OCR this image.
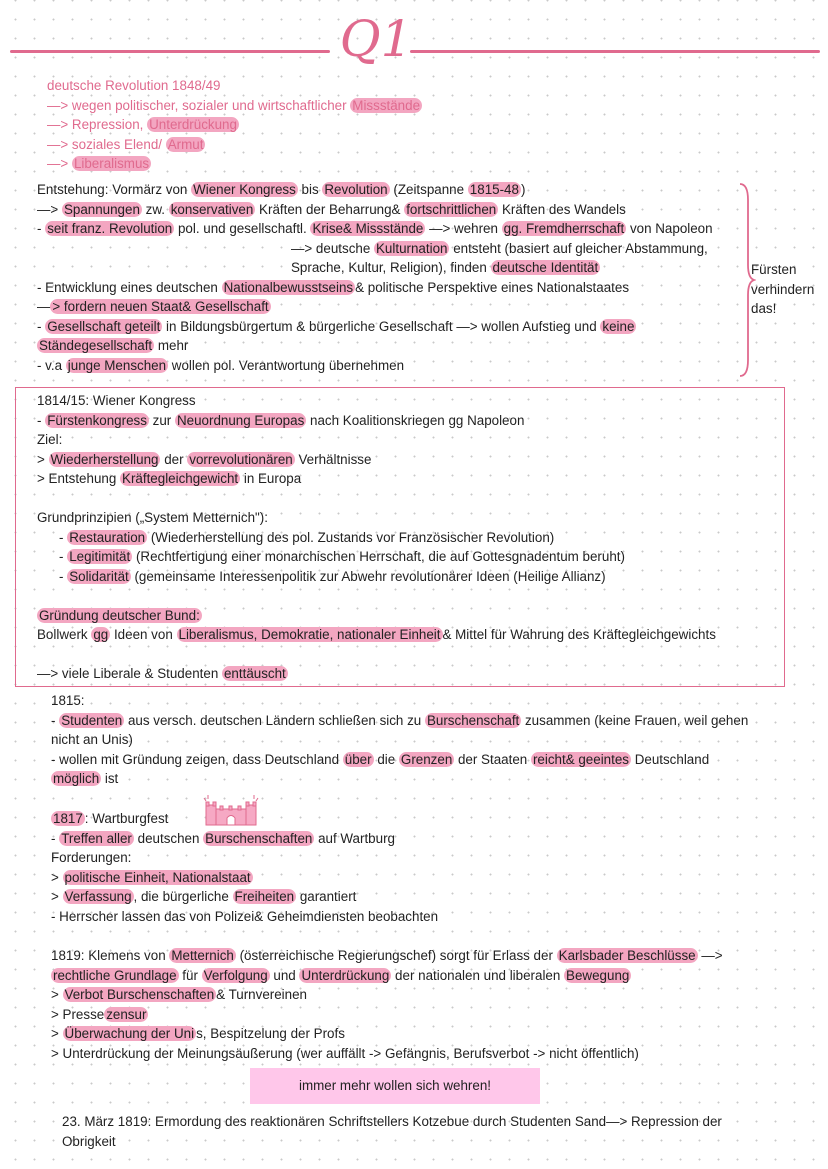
Q1
deutsche Revolution 1848/49
—> wegen politischer, sozialer und wirtschaftlicher Missstände
—> Repression, Unterdrückung
—> soziales Elend/ Armut
—> Liberalismus
Entstehung: Vormärz von Wiener Kongress bis Revolution (Zeitspanne 1815-48 )
—> Spannungen zw. konservativen Kräften der Beharrung& fortschrittlichen Kräften des Wandels
- seit franz. Revolution pol. und gesellschaftl. Krise& Missstände —> wehren gg. Fremdherrschaft von Napoleon
—> deutsche Kulturnation entsteht (basiert auf gleicher Abstammung,
Sprache, Kultur, Religion), finden deutsche Identität
- Entwicklung eines deutschen Nationalbewusstseins & politische Perspektive eines Nationalstaates
— > fordern neuen Staat& Gesellschaft
- Gesellschaft geteilt in Bildungsbürgertum & bürgerliche Gesellschaft —> wollen Aufstieg und keine
Ständegesellschaft mehr
- v.a junge Menschen wollen pol. Verantwortung übernehmen
Fürsten
verhindern
das!
1814/15: Wiener Kongress
- Fürstenkongress zur Neuordnung Europas nach Koalitionskriegen gg Napoleon
Ziel:
> Wiederherstellung der vorrevolutionären Verhältnisse
> Entstehung Kräftegleichgewicht in Europa
Grundprinzipien („System Metternich"):
- Restauration (Wiederherstellung des pol. Zustands vor Französischer Revolution)
- Legitimität (Rechtfertigung einer monarchischen Herrschaft, die auf Gottesgnadentum beruht)
- Solidarität (gemeinsame Interessenpolitik zur Abwehr revolutionärer Ideen (Heilige Allianz)
Gründung deutscher Bund:
Bollwerk gg Ideen von Liberalismus, Demokratie, nationaler Einheit & Mittel für Wahrung des Kräftegleichgewichts
—> viele Liberale & Studenten enttäuscht
1815:
- Studenten aus versch. deutschen Ländern schließen sich zu Burschenschaft zusammen (keine Frauen, weil gehen
nicht an Unis)
- wollen mit Gründung zeigen, dass Deutschland über die Grenzen der Staaten reicht& geeintes Deutschland
möglich ist
1817 : Wartburgfest
- Treffen aller deutschen Burschenschaften auf Wartburg
Forderungen:
> politische Einheit, Nationalstaat
> Verfassung , die bürgerliche Freiheiten garantiert
- Herrscher lassen das von Polizei& Geheimdiensten beobachten
1819: Klemens von Metternich (österreichische Regierungschef) sorgt für Erlass der Karlsbader Beschlüsse —>
rechtliche Grundlage für Verfolgung und Unterdrückung der nationalen und liberalen Bewegung
> Verbot Burschenschaften & Turnvereinen
> Presse zensur
> Überwachung der Uni s, Bespitzelung der Profs
> Unterdrückung der Meinungsäußerung (wer auffällt -> Gefängnis, Berufsverbot -> nicht öffentlich)
immer mehr wollen sich wehren!
23. März 1819: Ermordung des reaktionären Schriftstellers Kotzebue durch Studenten Sand—> Repression der
Obrigkeit
